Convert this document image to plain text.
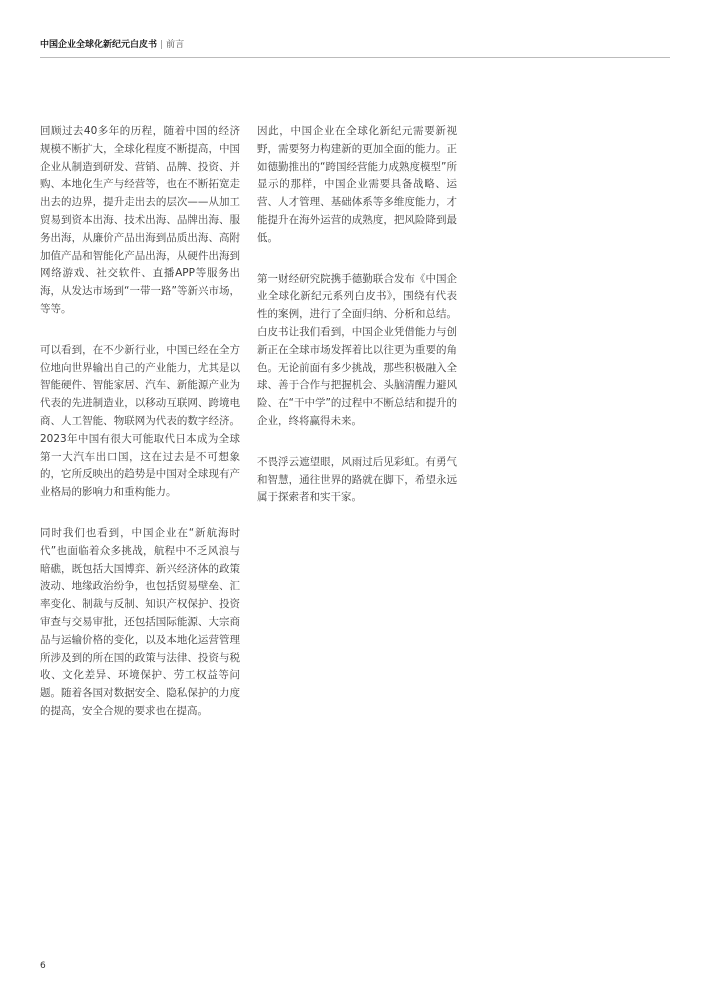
中国企业全球化新纪元白皮书 | 前言

回顾过去40多年的历程，随着中国的经济规模不断扩大，全球化程度不断提高，中国企业从制造到研发、营销、品牌、投资、并购、本地化生产与经营等，也在不断拓宽走出去的边界，提升走出去的层次——从加工贸易到资本出海、技术出海、品牌出海、服务出海，从廉价产品出海到品质出海、高附加值产品和智能化产品出海，从硬件出海到网络游戏、社交软件、直播APP等服务出海，从发达市场到“一带一路”等新兴市场，等等。

可以看到，在不少新行业，中国已经在全方位地向世界输出自己的产业能力，尤其是以智能硬件、智能家居、汽车、新能源产业为代表的先进制造业，以移动互联网、跨境电商、人工智能、物联网为代表的数字经济。2023年中国有很大可能取代日本成为全球第一大汽车出口国，这在过去是不可想象的，它所反映出的趋势是中国对全球现有产业格局的影响力和重构能力。

同时我们也看到，中国企业在“新航海时代”也面临着众多挑战，航程中不乏风浪与暗礁，既包括大国博弈、新兴经济体的政策波动、地缘政治纷争，也包括贸易壁垒、汇率变化、制裁与反制、知识产权保护、投资审查与交易审批，还包括国际能源、大宗商品与运输价格的变化，以及本地化运营管理所涉及到的所在国的政策与法律、投资与税收、文化差异、环境保护、劳工权益等问题。随着各国对数据安全、隐私保护的力度的提高，安全合规的要求也在提高。

因此，中国企业在全球化新纪元需要新视野，需要努力构建新的更加全面的能力。正如德勤推出的“跨国经营能力成熟度模型”所显示的那样，中国企业需要具备战略、运营、人才管理、基础体系等多维度能力，才能提升在海外运营的成熟度，把风险降到最低。

第一财经研究院携手德勤联合发布《中国企业全球化新纪元系列白皮书》，围绕有代表性的案例，进行了全面归纳、分析和总结。白皮书让我们看到，中国企业凭借能力与创新正在全球市场发挥着比以往更为重要的角色。无论前面有多少挑战，那些积极融入全球、善于合作与把握机会、头脑清醒力避风险、在“干中学”的过程中不断总结和提升的企业，终将赢得未来。

不畏浮云遮望眼，风雨过后见彩虹。有勇气和智慧，通往世界的路就在脚下，希望永远属于探索者和实干家。

6
